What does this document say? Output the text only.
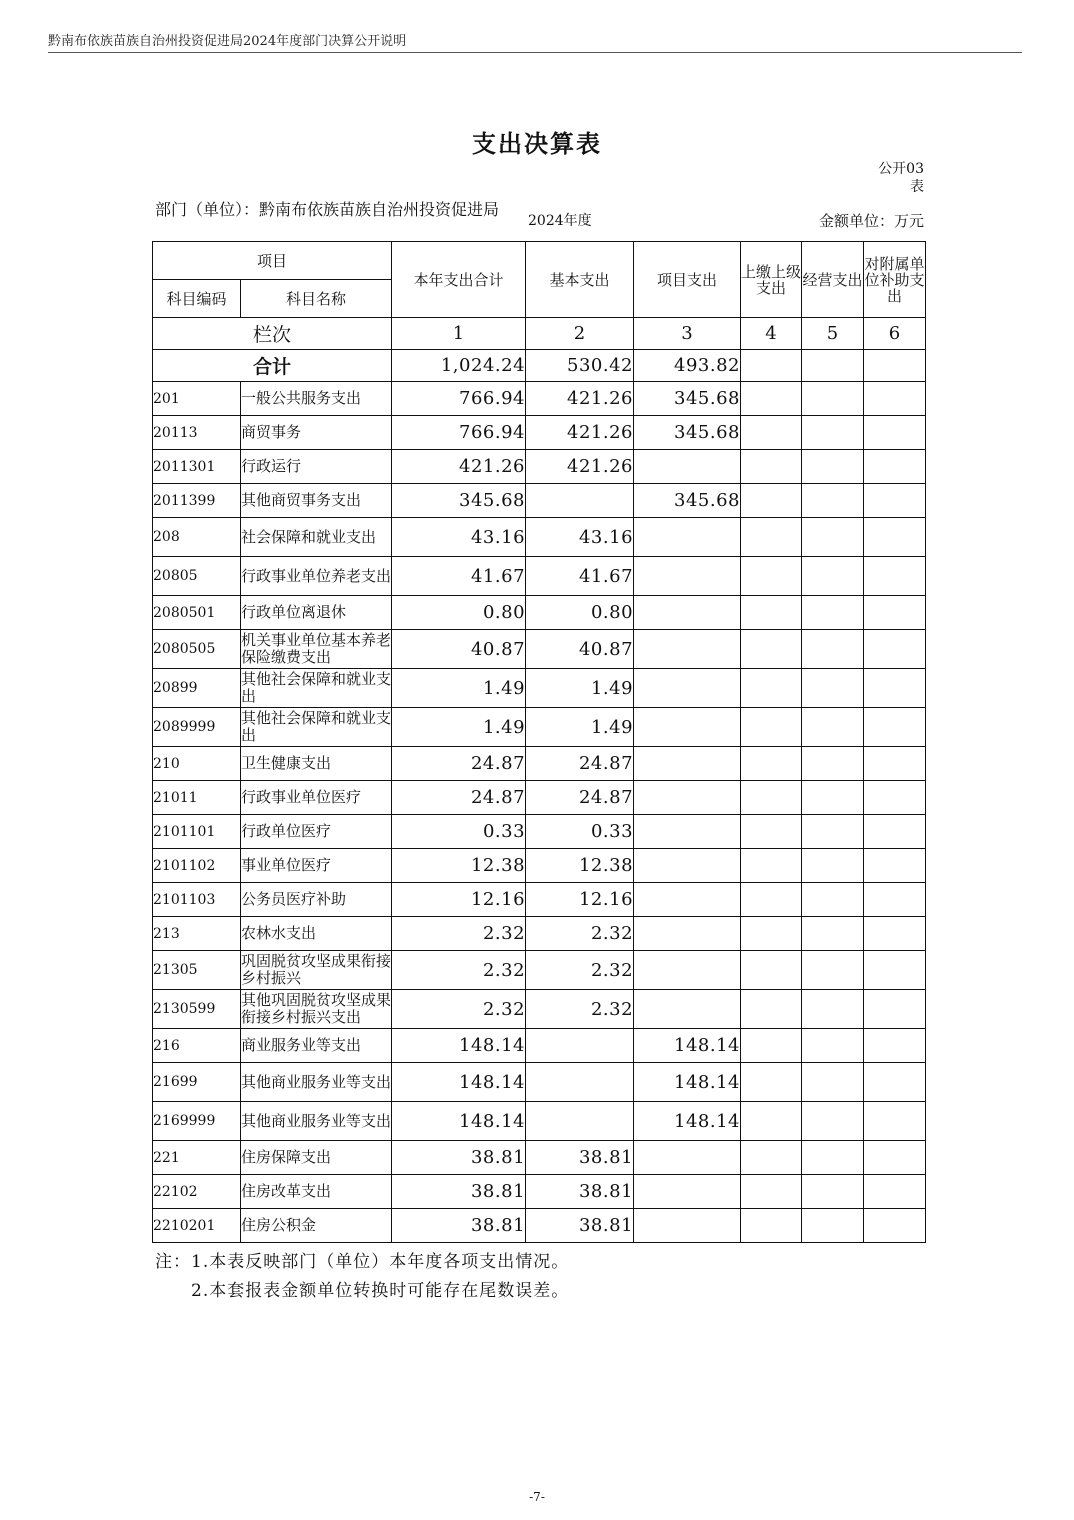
黔南布依族苗族自治州投资促进局2024年度部门决算公开说明
支出决算表
公开03
表
部门（单位）：黔南布依族苗族自治州投资促进局
2024年度	金额单位：万元
项目		本年支出合计	基本支出	项目支出	上缴上级支出	经营支出	对附属单位补助支出
科目编码	科目名称						
栏次		1	2	3	4	5	6
合计		1,024.24	530.42	493.82			
201	一般公共服务支出	766.94	421.26	345.68			
20113	商贸事务	766.94	421.26	345.68			
2011301	行政运行	421.26	421.26				
2011399	其他商贸事务支出	345.68		345.68			
208	社会保障和就业支出	43.16	43.16				
20805	行政事业单位养老支出	41.67	41.67				
2080501	行政单位离退休	0.80	0.80				
2080505	机关事业单位基本养老保险缴费支出	40.87	40.87				
20899	其他社会保障和就业支出	1.49	1.49				
2089999	其他社会保障和就业支出	1.49	1.49				
210	卫生健康支出	24.87	24.87				
21011	行政事业单位医疗	24.87	24.87				
2101101	行政单位医疗	0.33	0.33				
2101102	事业单位医疗	12.38	12.38				
2101103	公务员医疗补助	12.16	12.16				
213	农林水支出	2.32	2.32				
21305	巩固脱贫攻坚成果衔接乡村振兴	2.32	2.32				
2130599	其他巩固脱贫攻坚成果衔接乡村振兴支出	2.32	2.32				
216	商业服务业等支出	148.14		148.14			
21699	其他商业服务业等支出	148.14		148.14			
2169999	其他商业服务业等支出	148.14		148.14			
221	住房保障支出	38.81	38.81				
22102	住房改革支出	38.81	38.81				
2210201	住房公积金	38.81	38.81				
注：1.本表反映部门（单位）本年度各项支出情况。
2.本套报表金额单位转换时可能存在尾数误差。
-7-
